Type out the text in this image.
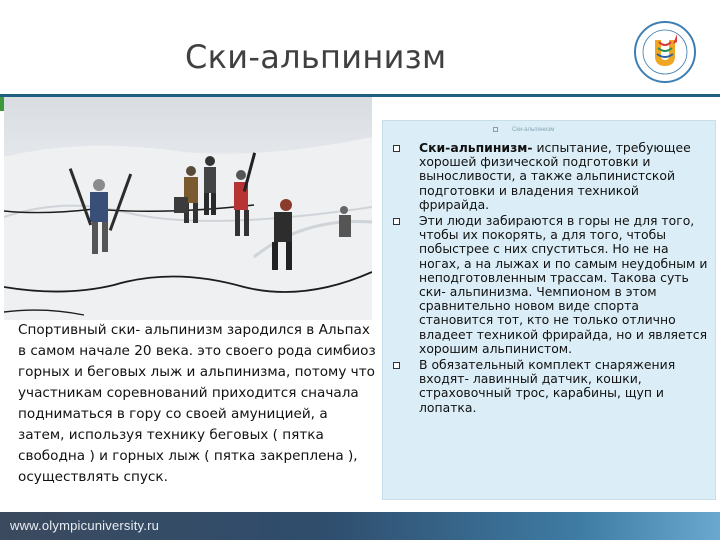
Ски-альпинизм
Спортивный ски- альпинизм зародился в Альпах в самом начале 20 века. это своего рода симбиоз горных и беговых лыж и альпинизма, потому что участникам соревнований приходится сначала подниматься в гору со своей амуницией, а затем, используя технику беговых ( пятка свободна ) и горных лыж ( пятка закреплена ), осуществлять спуск.
Ски-альпинизм
Ски-альпинизм- испытание, требующее хорошей физической подготовки и выносливости, а также альпинистской подготовки и владения техникой фрирайда.
Эти люди забираются в горы не для того, чтобы их покорять, а для того, чтобы побыстрее с них спуститься. Но не на ногах, а на лыжах и по самым неудобным и неподготовленным трассам. Такова суть ски- альпинизма. Чемпионом в этом сравнительно новом виде спорта становится тот, кто не только отлично владеет техникой фрирайда, но и является хорошим альпинистом.
В обязательный комплект снаряжения входят- лавинный датчик, кошки, страховочный трос, карабины, щуп и лопатка.
www.olympicuniversity.ru
